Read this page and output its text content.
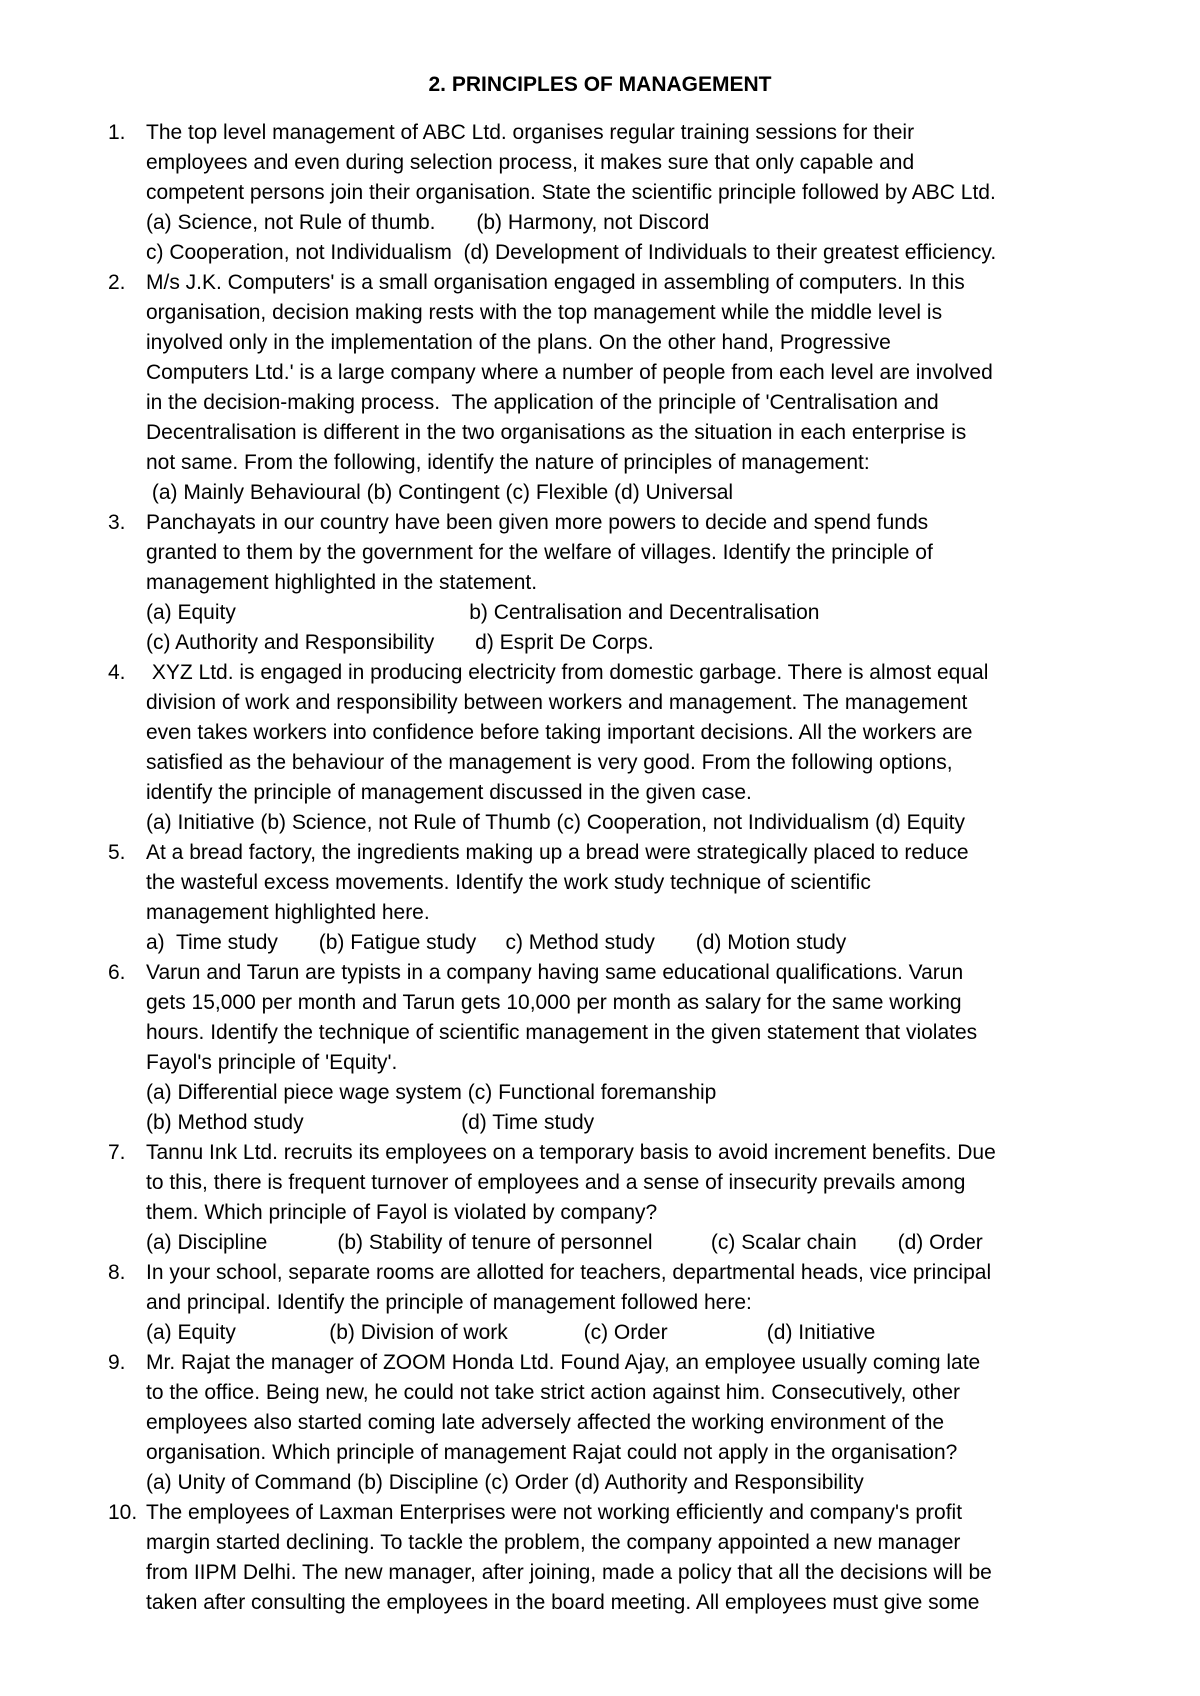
2. PRINCIPLES OF MANAGEMENT
1. The top level management of ABC Ltd. organises regular training sessions for their
employees and even during selection process, it makes sure that only capable and
competent persons join their organisation. State the scientific principle followed by ABC Ltd.
(a) Science, not Rule of thumb.       (b) Harmony, not Discord
c) Cooperation, not Individualism  (d) Development of Individuals to their greatest efficiency.
2. M/s J.K. Computers' is a small organisation engaged in assembling of computers. In this
organisation, decision making rests with the top management while the middle level is
inyolved only in the implementation of the plans. On the other hand, Progressive
Computers Ltd.' is a large company where a number of people from each level are involved
in the decision-making process.  The application of the principle of 'Centralisation and
Decentralisation is different in the two organisations as the situation in each enterprise is
not same. From the following, identify the nature of principles of management:
(a) Mainly Behavioural (b) Contingent (c) Flexible (d) Universal
3. Panchayats in our country have been given more powers to decide and spend funds
granted to them by the government for the welfare of villages. Identify the principle of
management highlighted in the statement.
(a) Equity                                        b) Centralisation and Decentralisation
(c) Authority and Responsibility       d) Esprit De Corps.
4. XYZ Ltd. is engaged in producing electricity from domestic garbage. There is almost equal
division of work and responsibility between workers and management. The management
even takes workers into confidence before taking important decisions. All the workers are
satisfied as the behaviour of the management is very good. From the following options,
identify the principle of management discussed in the given case.
(a) Initiative (b) Science, not Rule of Thumb (c) Cooperation, not Individualism (d) Equity
5. At a bread factory, the ingredients making up a bread were strategically placed to reduce
the wasteful excess movements. Identify the work study technique of scientific
management highlighted here.
a)  Time study       (b) Fatigue study     c) Method study       (d) Motion study
6. Varun and Tarun are typists in a company having same educational qualifications. Varun
gets 15,000 per month and Tarun gets 10,000 per month as salary for the same working
hours. Identify the technique of scientific management in the given statement that violates
Fayol's principle of 'Equity'.
(a) Differential piece wage system (c) Functional foremanship
(b) Method study                           (d) Time study
7. Tannu Ink Ltd. recruits its employees on a temporary basis to avoid increment benefits. Due
to this, there is frequent turnover of employees and a sense of insecurity prevails among
them. Which principle of Fayol is violated by company?
(a) Discipline            (b) Stability of tenure of personnel          (c) Scalar chain       (d) Order
8. In your school, separate rooms are allotted for teachers, departmental heads, vice principal
and principal. Identify the principle of management followed here:
(a) Equity                (b) Division of work             (c) Order                 (d) Initiative
9. Mr. Rajat the manager of ZOOM Honda Ltd. Found Ajay, an employee usually coming late
to the office. Being new, he could not take strict action against him. Consecutively, other
employees also started coming late adversely affected the working environment of the
organisation. Which principle of management Rajat could not apply in the organisation?
(a) Unity of Command (b) Discipline (c) Order (d) Authority and Responsibility
10. The employees of Laxman Enterprises were not working efficiently and company's profit
margin started declining. To tackle the problem, the company appointed a new manager
from IIPM Delhi. The new manager, after joining, made a policy that all the decisions will be
taken after consulting the employees in the board meeting. All employees must give some
